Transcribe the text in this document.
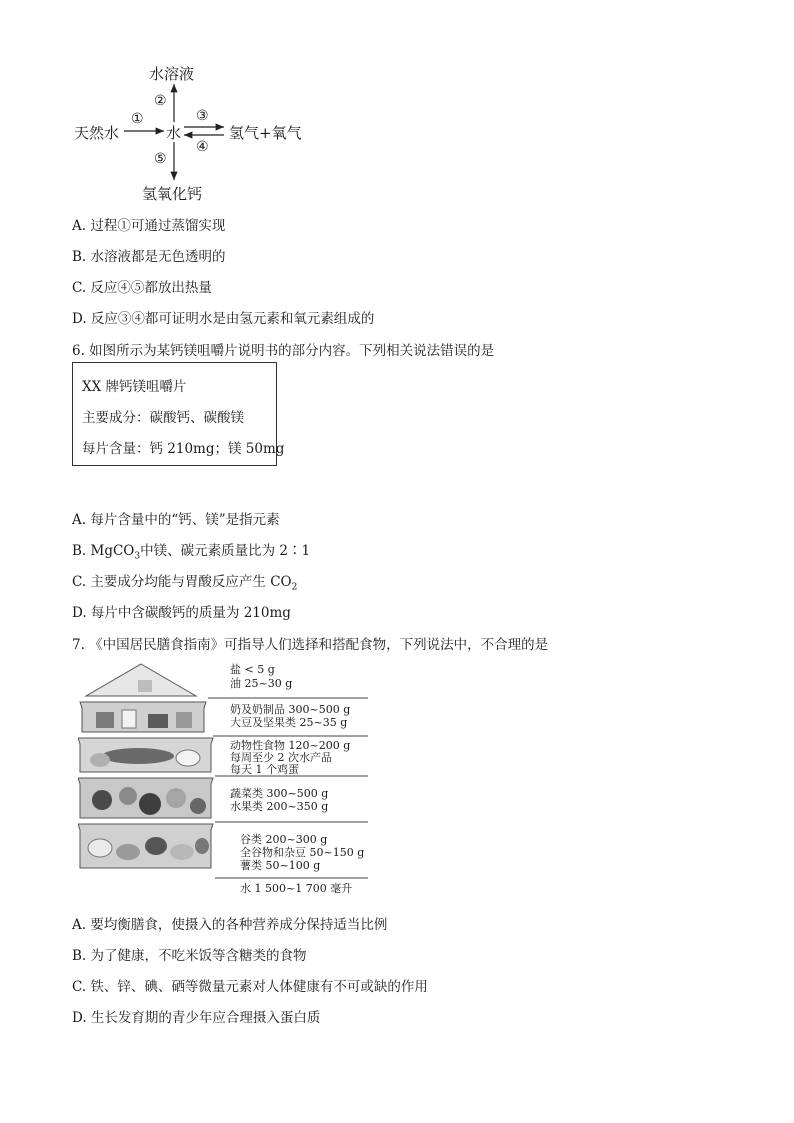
水溶液
天然水	水	氢气+氧气
氢氧化钙
①
②
③
④
⑤
A. 过程①可通过蒸馏实现
B. 水溶液都是无色透明的
C. 反应④⑤都放出热量
D. 反应③④都可证明水是由氢元素和氧元素组成的
6. 如图所示为某钙镁咀嚼片说明书的部分内容。下列相关说法错误的是
XX 牌钙镁咀嚼片
主要成分：碳酸钙、碳酸镁
每片含量：钙 210mg；镁 50mg
A. 每片含量中的“钙、镁”是指元素
B. MgCO$_3$中镁、碳元素质量比为 2∶1
C. 主要成分均能与胃酸反应产生 $CO_2$
D. 每片中含碳酸钙的质量为 210mg
7. 《中国居民膳食指南》可指导人们选择和搭配食物，下列说法中，不合理的是
盐 < 5 g
油 25~30 g
奶及奶制品 300~500 g
大豆及坚果类 25~35 g
动物性食物 120~200 g
每周至少 2 次水产品
每天 1 个鸡蛋
蔬菜类 300~500 g
水果类 200~350 g
谷类 200~300 g
全谷物和杂豆 50~150 g
薯类 50~100 g
水 1 500~1 700 毫升
A. 要均衡膳食，使摄入的各种营养成分保持适当比例
B. 为了健康，不吃米饭等含糖类的食物
C. 铁、锌、碘、硒等微量元素对人体健康有不可或缺的作用
D. 生长发育期的青少年应合理摄入蛋白质
